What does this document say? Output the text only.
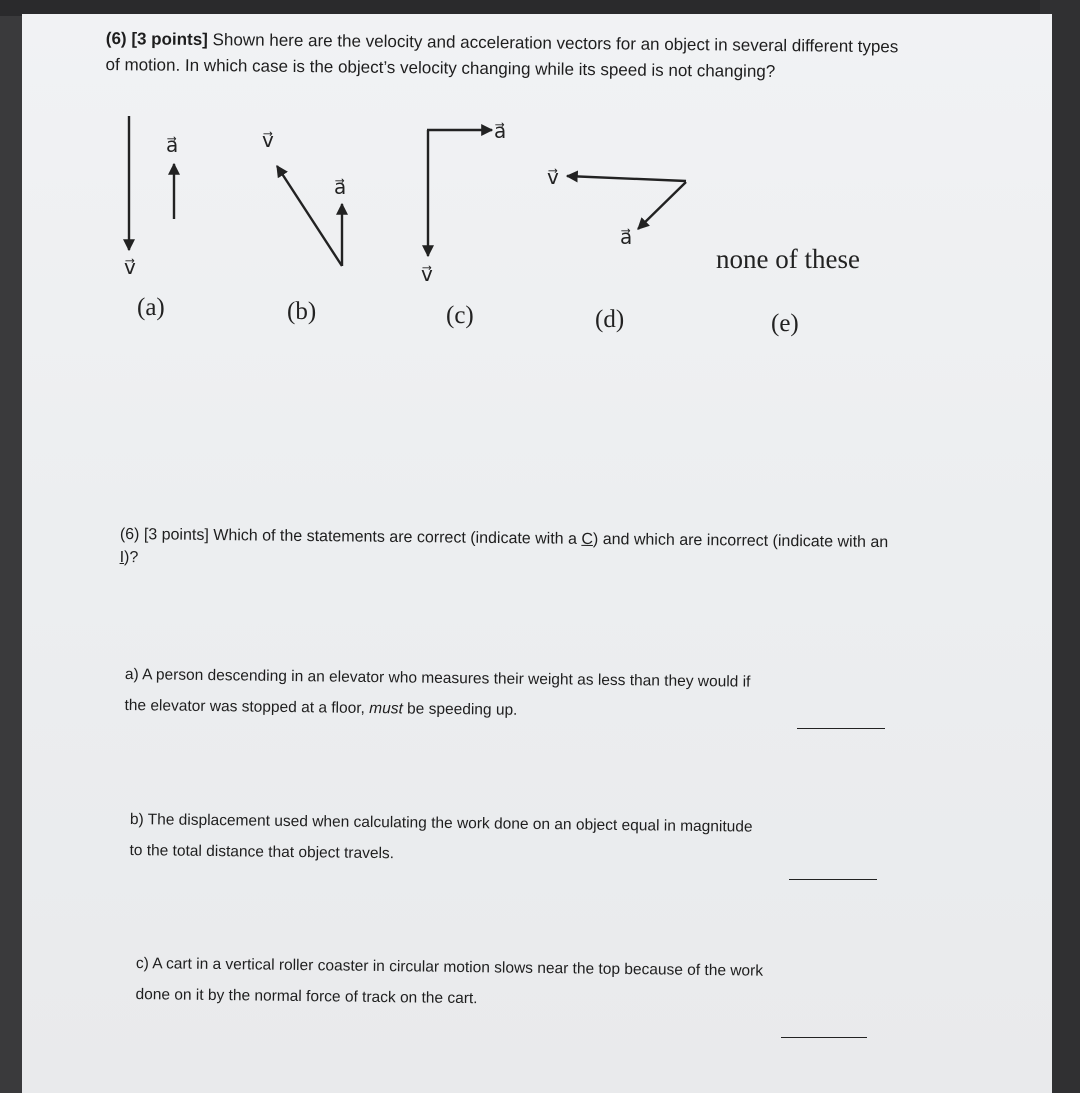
(6) [3 points] Shown here are the velocity and acceleration vectors for an object in several different types of motion. In which case is the object’s velocity changing while its speed is not changing?
v⃗
a⃗	v⃗
a⃗
v⃗
a⃗
v⃗
a⃗
none of these
(a)	(b)	(c)	(d)	(e)
(6) [3 points] Which of the statements are correct (indicate with a C) and which are incorrect (indicate with an I)?
a) A person descending in an elevator who measures their weight as less than they would if
the elevator was stopped at a floor, must be speeding up.
b) The displacement used when calculating the work done on an object equal in magnitude
to the total distance that object travels.
c) A cart in a vertical roller coaster in circular motion slows near the top because of the work
done on it by the normal force of track on the cart.
